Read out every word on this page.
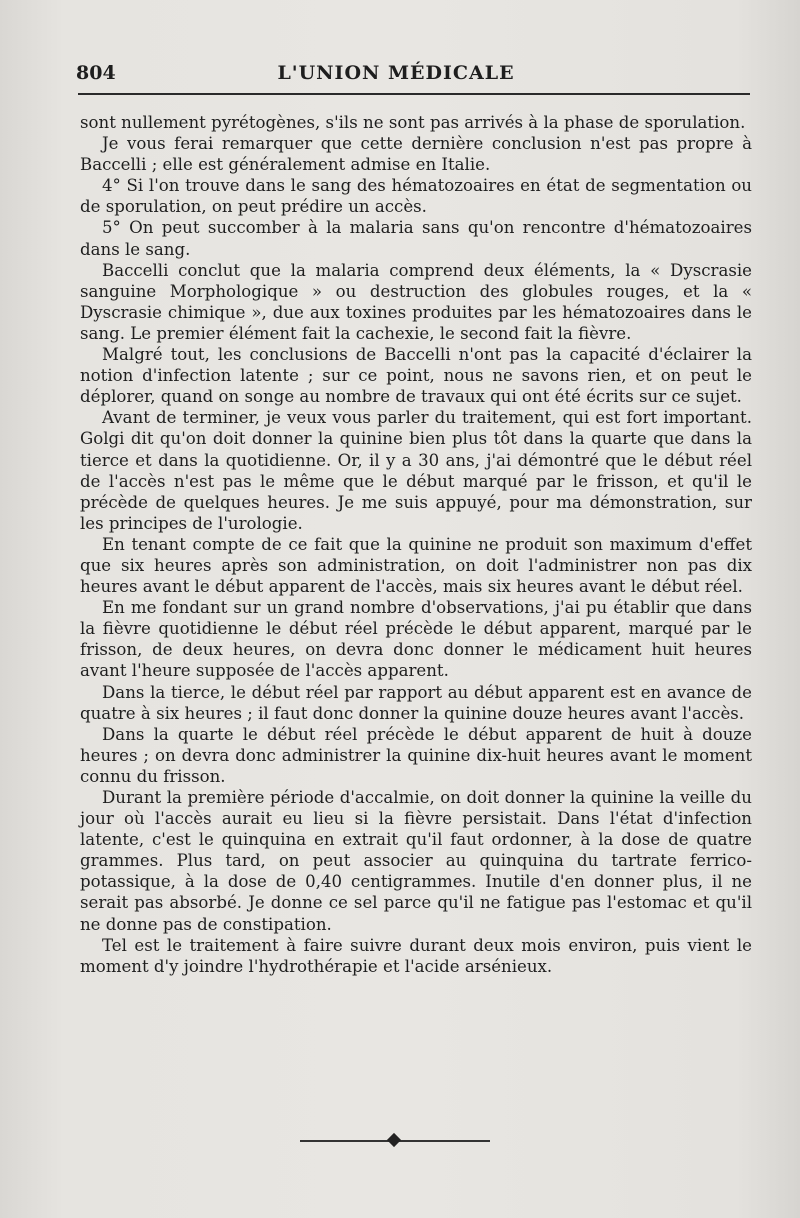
804	L'UNION MÉDICALE

sont nullement pyrétogènes, s'ils ne sont pas arrivés à la phase de sporulation.

Je vous ferai remarquer que cette dernière conclusion n'est pas propre à Baccelli ; elle est généralement admise en Italie.

4° Si l'on trouve dans le sang des hématozoaires en état de segmentation ou de sporulation, on peut prédire un accès.

5° On peut succomber à la malaria sans qu'on rencontre d'hématozoaires dans le sang.

Baccelli conclut que la malaria comprend deux éléments, la « Dyscrasie sanguine Morphologique » ou destruction des globules rouges, et la « Dyscrasie chimique », due aux toxines produites par les hématozoaires dans le sang. Le premier élément fait la cachexie, le second fait la fièvre.

Malgré tout, les conclusions de Baccelli n'ont pas la capacité d'éclairer la notion d'infection latente ; sur ce point, nous ne savons rien, et on peut le déplorer, quand on songe au nombre de travaux qui ont été écrits sur ce sujet.

Avant de terminer, je veux vous parler du traitement, qui est fort important. Golgi dit qu'on doit donner la quinine bien plus tôt dans la quarte que dans la tierce et dans la quotidienne. Or, il y a 30 ans, j'ai démontré que le début réel de l'accès n'est pas le même que le début marqué par le frisson, et qu'il le précède de quelques heures. Je me suis appuyé, pour ma démonstration, sur les principes de l'urologie.

En tenant compte de ce fait que la quinine ne produit son maximum d'effet que six heures après son administration, on doit l'administrer non pas dix heures avant le début apparent de l'accès, mais six heures avant le début réel.

En me fondant sur un grand nombre d'observations, j'ai pu établir que dans la fièvre quotidienne le début réel précède le début apparent, marqué par le frisson, de deux heures, on devra donc donner le médicament huit heures avant l'heure supposée de l'accès apparent.

Dans la tierce, le début réel par rapport au début apparent est en avance de quatre à six heures ; il faut donc donner la quinine douze heures avant l'accès.

Dans la quarte le début réel précède le début apparent de huit à douze heures ; on devra donc administrer la quinine dix-huit heures avant le moment connu du frisson.

Durant la première période d'accalmie, on doit donner la quinine la veille du jour où l'accès aurait eu lieu si la fièvre persistait. Dans l'état d'infection latente, c'est le quinquina en extrait qu'il faut ordonner, à la dose de quatre grammes. Plus tard, on peut associer au quinquina du tartrate ferrico-potassique, à la dose de 0,40 centigrammes. Inutile d'en donner plus, il ne serait pas absorbé. Je donne ce sel parce qu'il ne fatigue pas l'estomac et qu'il ne donne pas de constipation.

Tel est le traitement à faire suivre durant deux mois environ, puis vient le moment d'y joindre l'hydrothérapie et l'acide arsénieux.
